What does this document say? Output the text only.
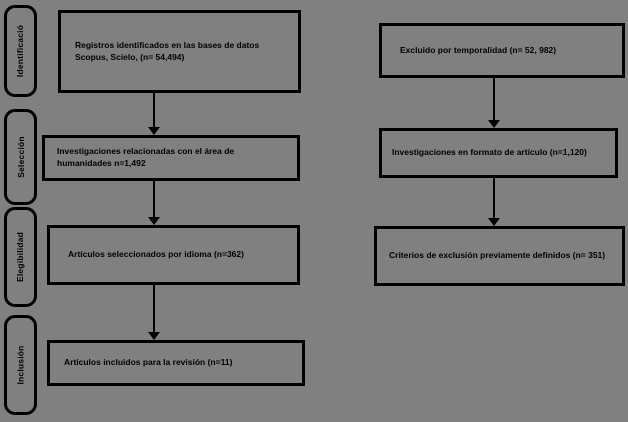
Identificació
Selección
Elegibilidad
Inclusión
Registros identificados en las bases de datos Scopus, Scielo, (n= 54,494)
Investigaciones relacionadas con el área de humanidades n=1,492
Artículos seleccionados por idioma (n=362)
Artículos incluidos para la revisión (n=11)
Excluido por temporalidad (n= 52, 982)
Investigaciones en formato de artículo (n=1,120)
Criterios de exclusión previamente definidos (n= 351)
